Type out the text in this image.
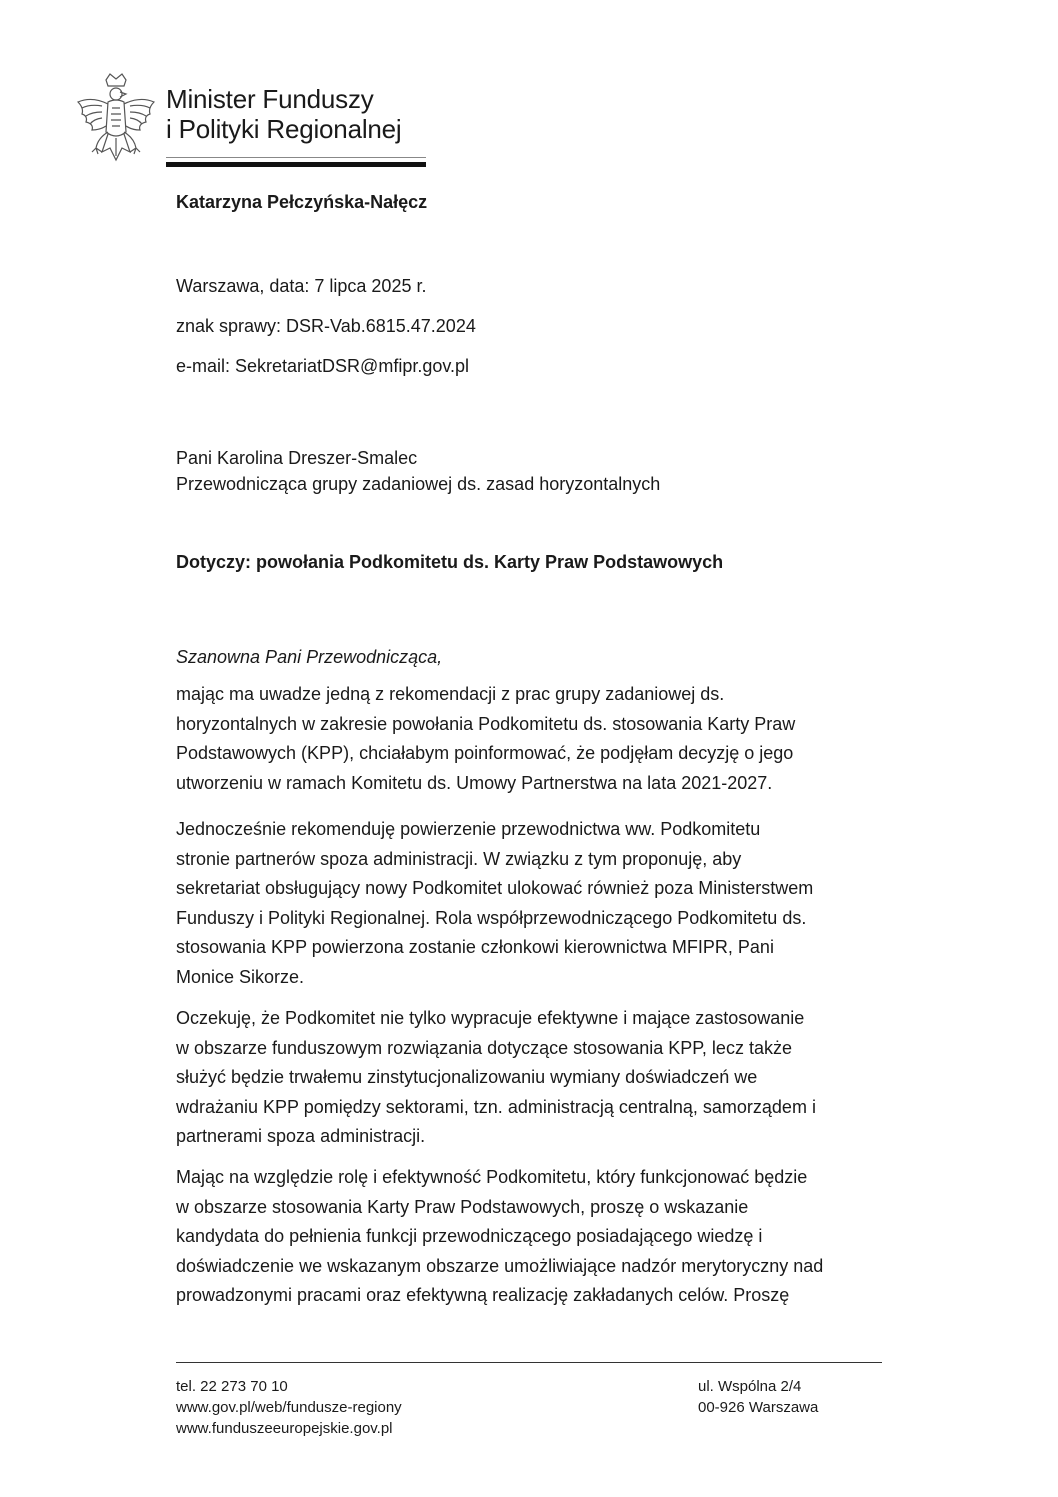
Minister Funduszy
i Polityki Regionalnej
Katarzyna Pełczyńska-Nałęcz
Warszawa, data: 7 lipca 2025 r.
znak sprawy: DSR-Vab.6815.47.2024
e-mail: SekretariatDSR@mfipr.gov.pl
Pani Karolina Dreszer-Smalec
Przewodnicząca grupy zadaniowej ds. zasad horyzontalnych
Dotyczy: powołania Podkomitetu ds. Karty Praw Podstawowych
Szanowna Pani Przewodnicząca,

mając ma uwadze jedną z rekomendacji z prac grupy zadaniowej ds.
horyzontalnych w zakresie powołania Podkomitetu ds. stosowania Karty Praw
Podstawowych (KPP), chciałabym poinformować, że podjęłam decyzję o jego
utworzeniu w ramach Komitetu ds. Umowy Partnerstwa na lata 2021-2027.

Jednocześnie rekomenduję powierzenie przewodnictwa ww. Podkomitetu
stronie partnerów spoza administracji. W związku z tym proponuję, aby
sekretariat obsługujący nowy Podkomitet ulokować również poza Ministerstwem
Funduszy i Polityki Regionalnej. Rola współprzewodniczącego Podkomitetu ds.
stosowania KPP powierzona zostanie członkowi kierownictwa MFIPR, Pani
Monice Sikorze.

Oczekuję, że Podkomitet nie tylko wypracuje efektywne i mające zastosowanie
w obszarze funduszowym rozwiązania dotyczące stosowania KPP, lecz także
służyć będzie trwałemu zinstytucjonalizowaniu wymiany doświadczeń we
wdrażaniu KPP pomiędzy sektorami, tzn. administracją centralną, samorządem i
partnerami spoza administracji.

Mając na względzie rolę i efektywność Podkomitetu, który funkcjonować będzie
w obszarze stosowania Karty Praw Podstawowych, proszę o wskazanie
kandydata do pełnienia funkcji przewodniczącego posiadającego wiedzę i
doświadczenie we wskazanym obszarze umożliwiające nadzór merytoryczny nad
prowadzonymi pracami oraz efektywną realizację zakładanych celów. Proszę

tel. 22 273 70 10
www.gov.pl/web/fundusze-regiony
www.funduszeeuropejskie.gov.pl
ul. Wspólna 2/4
00-926 Warszawa
